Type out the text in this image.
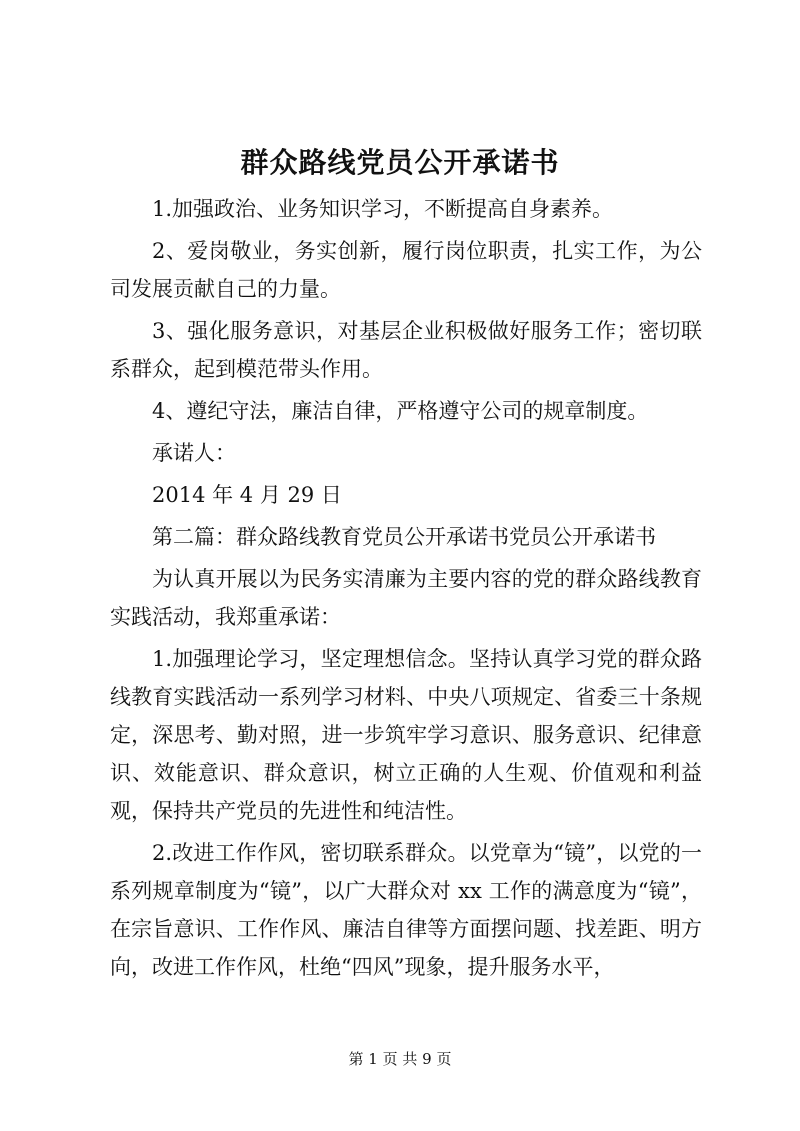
群众路线党员公开承诺书

1.加强政治、业务知识学习，不断提高自身素养。

2、爱岗敬业，务实创新，履行岗位职责，扎实工作，为公司发展贡献自己的力量。

3、强化服务意识，对基层企业积极做好服务工作；密切联系群众，起到模范带头作用。

4、遵纪守法，廉洁自律，严格遵守公司的规章制度。

承诺人：

2014 年 4 月 29 日

第二篇：群众路线教育党员公开承诺书党员公开承诺书

为认真开展以为民务实清廉为主要内容的党的群众路线教育实践活动，我郑重承诺：

1.加强理论学习，坚定理想信念。坚持认真学习党的群众路线教育实践活动一系列学习材料、中央八项规定、省委三十条规定，深思考、勤对照，进一步筑牢学习意识、服务意识、纪律意识、效能意识、群众意识，树立正确的人生观、价值观和利益观，保持共产党员的先进性和纯洁性。

2.改进工作作风，密切联系群众。以党章为“镜”，以党的一系列规章制度为“镜”，以广大群众对 xx 工作的满意度为“镜”，在宗旨意识、工作作风、廉洁自律等方面摆问题、找差距、明方向，改进工作作风，杜绝“四风”现象，提升服务水平，

第 1 页 共 9 页
